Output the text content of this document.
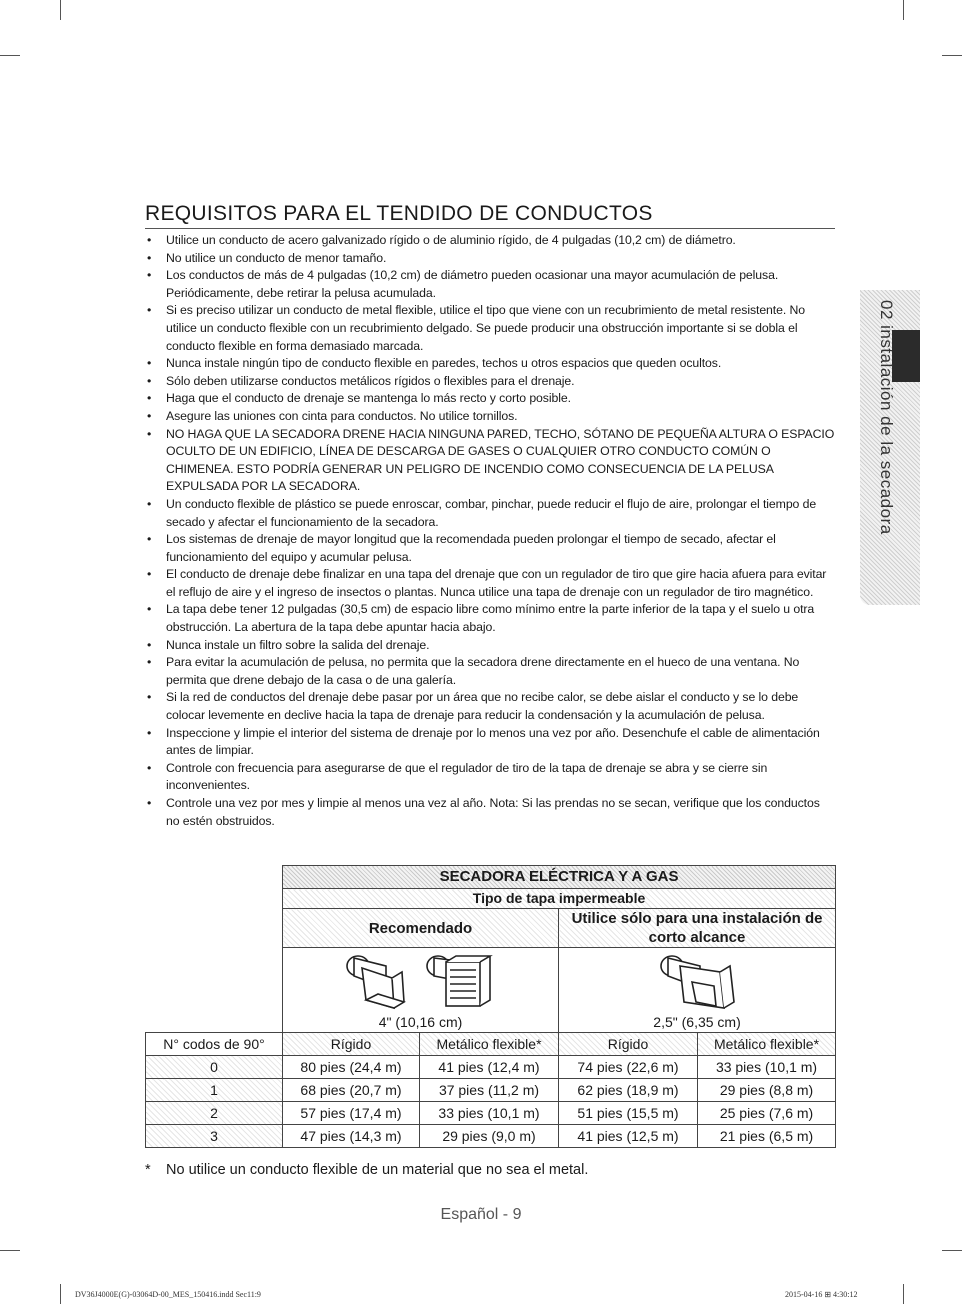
02 instalación de la secadora
REQUISITOS PARA EL TENDIDO DE CONDUCTOS
• Utilice un conducto de acero galvanizado rígido o de aluminio rígido, de 4 pulgadas (10,2 cm) de diámetro.
• No utilice un conducto de menor tamaño.
• Los conductos de más de 4 pulgadas (10,2 cm) de diámetro pueden ocasionar una mayor acumulación de pelusa. Periódicamente, debe retirar la pelusa acumulada.
• Si es preciso utilizar un conducto de metal flexible, utilice el tipo que viene con un recubrimiento de metal resistente. No utilice un conducto flexible con un recubrimiento delgado. Se puede producir una obstrucción importante si se dobla el conducto flexible en forma demasiado marcada.
• Nunca instale ningún tipo de conducto flexible en paredes, techos u otros espacios que queden ocultos.
• Sólo deben utilizarse conductos metálicos rígidos o flexibles para el drenaje.
• Haga que el conducto de drenaje se mantenga lo más recto y corto posible.
• Asegure las uniones con cinta para conductos. No utilice tornillos.
• NO HAGA QUE LA SECADORA DRENE HACIA NINGUNA PARED, TECHO, SÓTANO DE PEQUEÑA ALTURA O ESPACIO OCULTO DE UN EDIFICIO, LÍNEA DE DESCARGA DE GASES O CUALQUIER OTRO CONDUCTO COMÚN O CHIMENEA. ESTO PODRÍA GENERAR UN PELIGRO DE INCENDIO COMO CONSECUENCIA DE LA PELUSA EXPULSADA POR LA SECADORA.
• Un conducto flexible de plástico se puede enroscar, combar, pinchar, puede reducir el flujo de aire, prolongar el tiempo de secado y afectar el funcionamiento de la secadora.
• Los sistemas de drenaje de mayor longitud que la recomendada pueden prolongar el tiempo de secado, afectar el funcionamiento del equipo y acumular pelusa.
• El conducto de drenaje debe finalizar en una tapa del drenaje que con un regulador de tiro que gire hacia afuera para evitar el reflujo de aire y el ingreso de insectos o plantas. Nunca utilice una tapa de drenaje con un regulador de tiro magnético.
• La tapa debe tener 12 pulgadas (30,5 cm) de espacio libre como mínimo entre la parte inferior de la tapa y el suelo u otra obstrucción. La abertura de la tapa debe apuntar hacia abajo.
• Nunca instale un filtro sobre la salida del drenaje.
• Para evitar la acumulación de pelusa, no permita que la secadora drene directamente en el hueco de una ventana. No permita que drene debajo de la casa o de una galería.
• Si la red de conductos del drenaje debe pasar por un área que no recibe calor, se debe aislar el conducto y se lo debe colocar levemente en declive hacia la tapa de drenaje para reducir la condensación y la acumulación de pelusa.
• Inspeccione y limpie el interior del sistema de drenaje por lo menos una vez por año. Desenchufe el cable de alimentación antes de limpiar.
• Controle con frecuencia para asegurarse de que el regulador de tiro de la tapa de drenaje se abra y se cierre sin inconvenientes.
• Controle una vez por mes y limpie al menos una vez al año. Nota: Si las prendas no se secan, verifique que los conductos no estén obstruidos.
	SECADORA ELÉCTRICA Y A GAS			
	Tipo de tapa impermeable			
	Recomendado		Utilice sólo para una instalación de corto alcance	

	4" (10,16 cm)		2,5" (6,35 cm)	

N° codos de 90°	Rígido	Metálico flexible*	Rígido	Metálico flexible*
0	80 pies (24,4 m)	41 pies (12,4 m)	74 pies (22,6 m)	33 pies (10,1 m)
1	68 pies (20,7 m)	37 pies (11,2 m)	62 pies (18,9 m)	29 pies (8,8 m)
2	57 pies (17,4 m)	33 pies (10,1 m)	51 pies (15,5 m)	25 pies (7,6 m)
3	47 pies (14,3 m)	29 pies (9,0 m)	41 pies (12,5 m)	21 pies (6,5 m)
* No utilice un conducto flexible de un material que no sea el metal.
Español - 9
DV36J4000E(G)-03064D-00_MES_150416.indd Sec11:9	2015-04-16 ⊞ 4:30:12
